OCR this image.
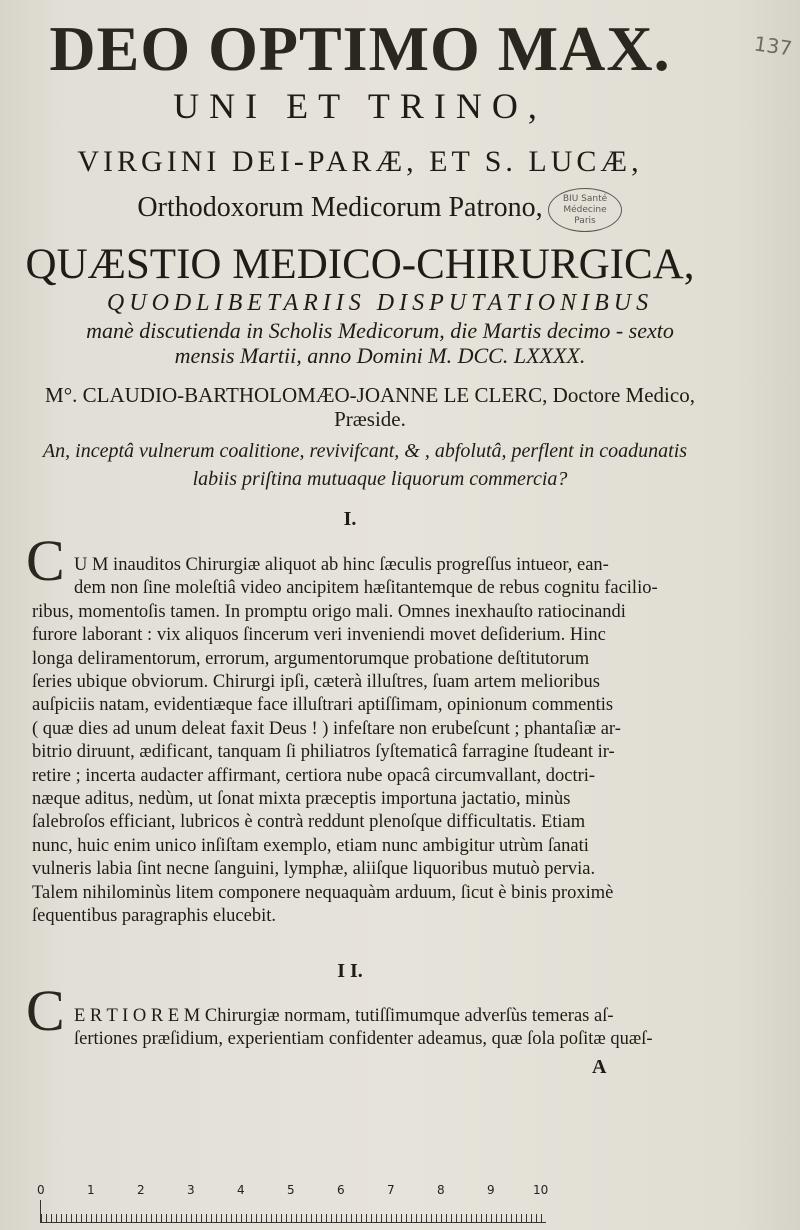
137
DEO OPTIMO MAX.
UNI ET TRINO,
VIRGINI DEI-PARÆ, ET S. LUCÆ,
Orthodoxorum Medicorum Patrono,	BIU Santé
Médecine
Paris
QUÆSTIO MEDICO-CHIRURGICA,
QUODLIBETARIIS DISPUTATIONIBUS
manè discutienda in Scholis Medicorum, die Martis decimo - sexto
mensis Martii, anno Domini M. DCC. LXXXX.
M°. CLAUDIO-BARTHOLOMÆO-JOANNE LE CLERC, Doctore Medico,
Præside.
An, inceptâ vulnerum coalitione, revivifcant, & , abfolutâ, perflent in coadunatis
labiis priſtina mutuaque liquorum commercia?
I.
C U M inauditos Chirurgiæ aliquot ab hinc ſæculis progreſſus intueor, ean-
dem non ſine moleſtiâ video ancipitem hæſitantemque de rebus cognitu facilio-
ribus, momentoſis tamen. In promptu origo mali. Omnes inexhauſto ratiocinandi
furore laborant : vix aliquos ſincerum veri inveniendi movet deſiderium. Hinc
longa deliramentorum, errorum, argumentorumque probatione deſtitutorum
ſeries ubique obviorum. Chirurgi ipſi, cæterà illuſtres, ſuam artem melioribus
auſpiciis natam, evidentiæque face illuſtrari aptiſſimam, opinionum commentis
( quæ dies ad unum deleat faxit Deus ! ) infeſtare non erubeſcunt ; phantaſiæ ar-
bitrio diruunt, ædificant, tanquam ſi philiatros ſyſtematicâ farragine ſtudeant ir-
retire ; incerta audacter affirmant, certiora nube opacâ circumvallant, doctri-
næque aditus, nedùm, ut ſonat mixta præceptis importuna jactatio, minùs
ſalebroſos efficiant, lubricos è contrà reddunt plenoſque difficultatis. Etiam
nunc, huic enim unico inſiſtam exemplo, etiam nunc ambigitur utrùm ſanati
vulneris labia ſint necne ſanguini, lymphæ, aliiſque liquoribus mutuò pervia.
Talem nihilominùs litem componere nequaquàm arduum, ſicut è binis proximè
ſequentibus paragraphis elucebit.
I I.
C E R T I O R E M Chirurgiæ normam, tutiſſimumque adverſùs temeras aſ-
ſertiones præſidium, experientiam confidenter adeamus, quæ ſola poſitæ quæſ-
A
0	1	2	3	4	5	6	7	8	9	10
